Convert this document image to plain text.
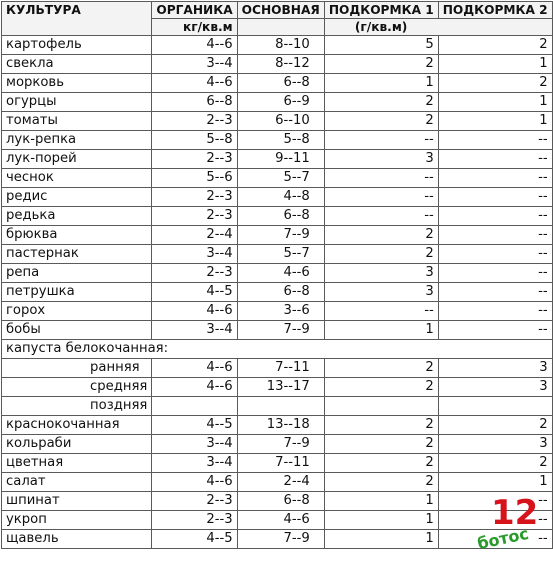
КУЛЬТУРА	ОРГАНИКА	ОСНОВНАЯ	ПОДКОРМКА 1	ПОДКОРМКА 2
	кг/кв.м		(г/кв.м)	
картофель	4--6	8--10	5	2
свекла	3--4	8--12	2	1
морковь	4--6	6--8	1	2
огурцы	6--8	6--9	2	1
томаты	2--3	6--10	2	1
лук-репка	5--8	5--8	--	--
лук-порей	2--3	9--11	3	--
чеснок	5--6	5--7	--	--
редис	2--3	4--8	--	--
редька	2--3	6--8	--	--
брюква	2--4	7--9	2	--
пастернак	3--4	5--7	2	--
репа	2--3	4--6	3	--
петрушка	4--5	6--8	3	--
горох	4--6	3--6	--	--
бобы	3--4	7--9	1	--
капуста белокочанная:				
ранняя	4--6	7--11	2	3
средняя	4--6	13--17	2	3
поздняя				
краснокочанная	4--5	13--18	2	2
кольраби	3--4	7--9	2	3
цветная	3--4	7--11	2	2
салат	4--6	2--4	2	1
шпинат	2--3	6--8	1	--
укроп	2--3	4--6	1	--
щавель	4--5	7--9	1	--
12
ботос
